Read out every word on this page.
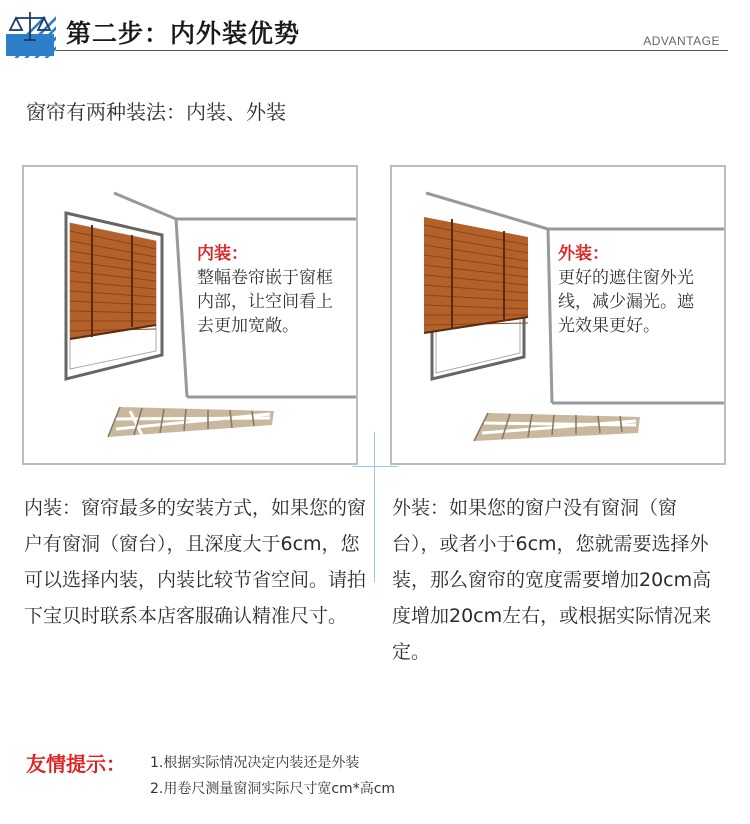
第二步：内外装优势	ADVANTAGE
窗帘有两种装法：内装、外装
内装：
整幅卷帘嵌于窗框内部，让空间看上去更加宽敞。
外装：
更好的遮住窗外光线，减少漏光。遮光效果更好。
内装：窗帘最多的安装方式，如果您的窗户有窗洞（窗台），且深度大于6cm，您可以选择内装，内装比较节省空间。请拍下宝贝时联系本店客服确认精准尺寸。
外装：如果您的窗户没有窗洞（窗台），或者小于6cm，您就需要选择外装，那么窗帘的宽度需要增加20cm高度增加20cm左右，或根据实际情况来定。
友情提示： 1.根据实际情况决定内装还是外装
2.用卷尺测量窗洞实际尺寸宽cm*高cm
